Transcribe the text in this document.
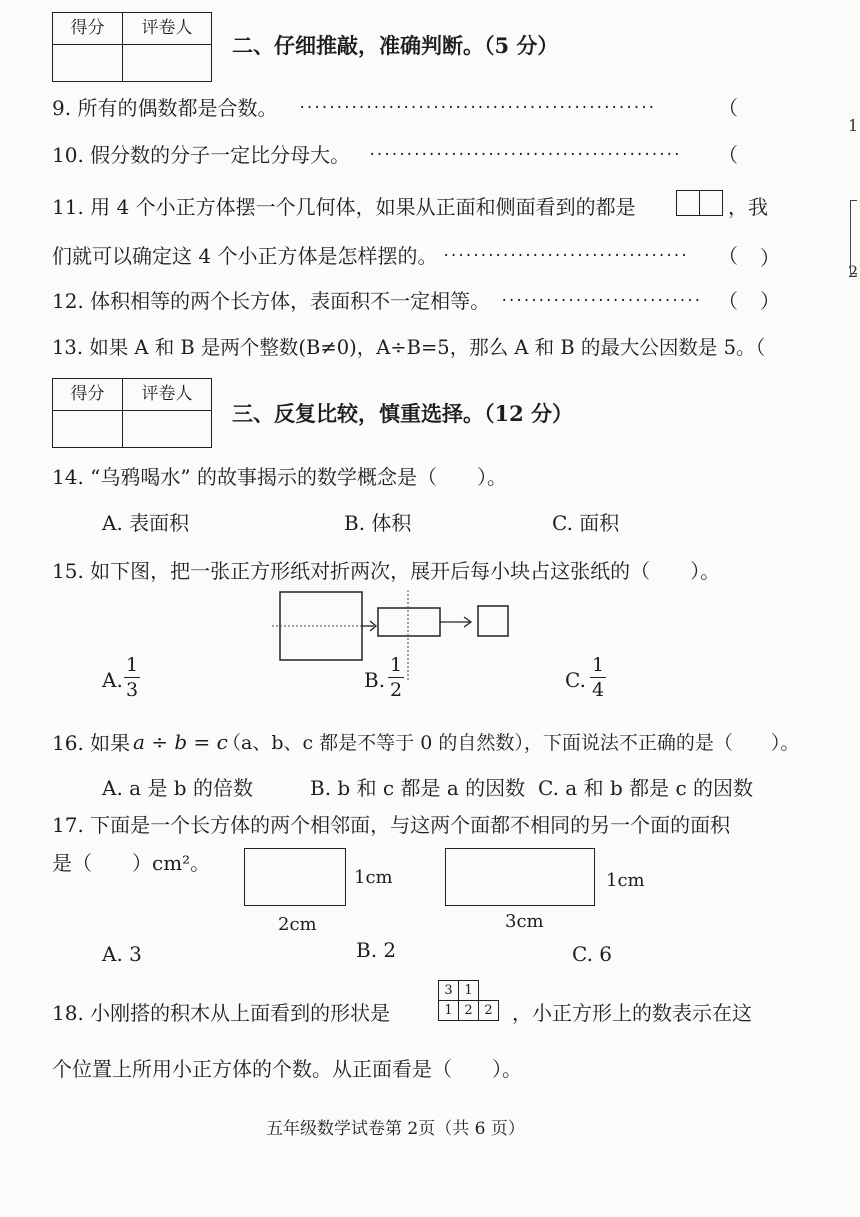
得分	评卷人
二、仔细推敲，准确判断。（5 分）
9. 所有的偶数都是合数。 ················································	（
10. 假分数的分子一定比分母大。 ·········································· （
11. 用 4 个小正方体摆一个几何体，如果从正面和侧面看到的都是	，我
们就可以确定这 4 个小正方体是怎样摆的。 ································· （ ）
12. 体积相等的两个长方体，表面积不一定相等。 ··························· （ ）
13. 如果 A 和 B 是两个整数(B≠0)，A÷B=5，那么 A 和 B 的最大公因数是 5。（
得分	评卷人
三、反复比较，慎重选择。（12 分）
14. “乌鸦喝水” 的故事揭示的数学概念是（　　）。
A. 表面积	B. 体积	C. 面积
15. 如下图，把一张正方形纸对折两次，展开后每小块占这张纸的（　　）。
A.
1
3	B.
1
2	C.
1
4
16. 如果 a ÷ b = c
（a、b、c 都是不等于 0 的自然数），下面说法不正确的是（　　）。
A. a 是 b 的倍数	B. b 和 c 都是 a 的因数 C. a 和 b 都是 c 的因数
17. 下面是一个长方体的两个相邻面，与这两个面都不相同的另一个面的面积
是（　　）cm²。
1cm
2cm
1cm
3cm
A. 3	B. 2	C. 6
18. 小刚搭的积木从上面看到的形状是
3 1
1 2 2 ，小正方形上的数表示在这
个位置上所用小正方体的个数。从正面看是（　　）。
五年级数学试卷第 2页（共 6 页）
1
2
